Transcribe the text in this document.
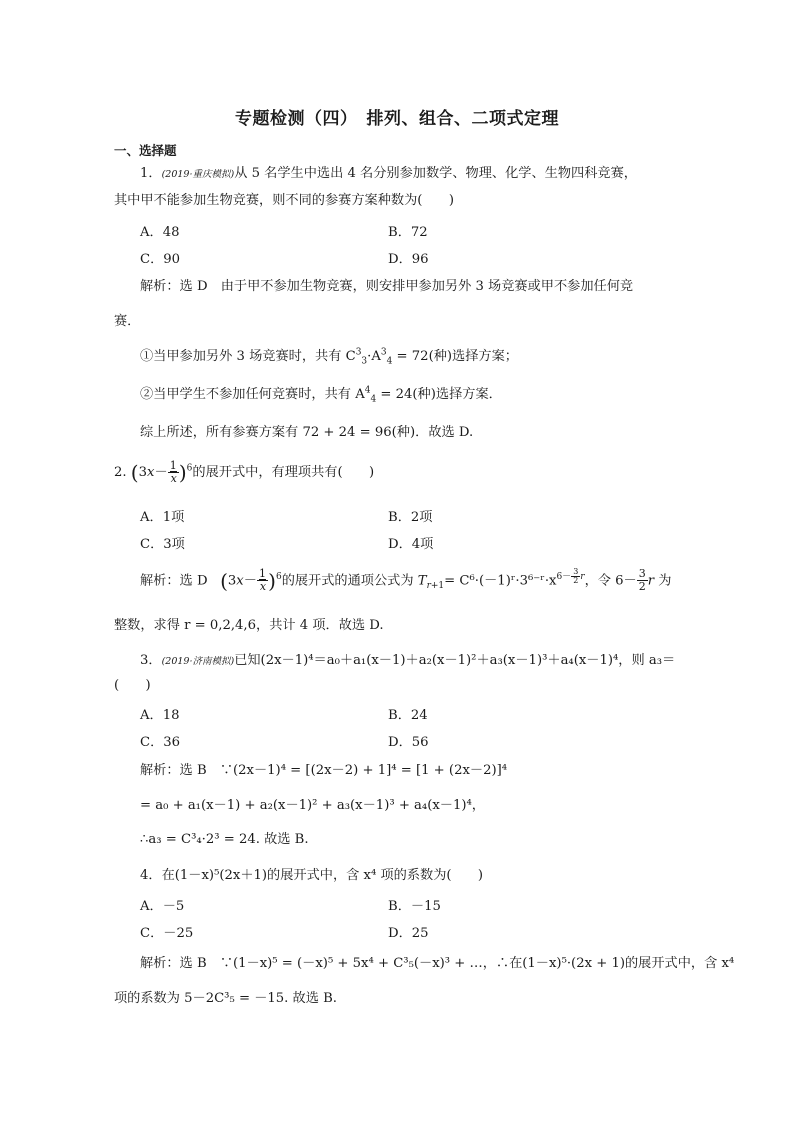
专题检测（四）　排列、组合、二项式定理
一、选择题
1．(2019·重庆模拟)从 5 名学生中选出 4 名分别参加数学、物理、化学、生物四科竞赛，
其中甲不能参加生物竞赛，则不同的参赛方案种数为(　　)
A．48	B．72
C．90	D．96
解析：选 D　由于甲不参加生物竞赛，则安排甲参加另外 3 场竞赛或甲不参加任何竞
赛．
①当甲参加另外 3 场竞赛时，共有 $C^3_3\cdot A^3_4 = 72$(种)选择方案；
②当甲学生不参加任何竞赛时，共有 $A^4_4 = 24$(种)选择方案．
综上所述，所有参赛方案有 72 + 24 = 96(种)．故选 D.
2. $(3x- \frac{1}{x} )^6$的展开式中，有理项共有(　　)
A．1项	B．2项
C．3项	D．4项
解析：选 D $(3x- \frac{1}{x} )^6$的展开式的通项公式为 $T_{r+1}=$ $C^6\cdot(-1)ʳ\cdot 3^{6-}ʳ\cdot x^{6- \frac{3}{2} r}$，令 $6- \frac{3}{2}$ r 为
整数，求得 r = 0,2,4,6，共计 4 项．故选 D.
3．(2019·济南模拟)已知(2x－1)⁴＝a₀＋a₁(x－1)＋a₂(x－1)²＋a₃(x－1)³＋a₄(x－1)⁴，则 a₃＝
(　　)
A．18	B．24
C．36	D．56
解析：选 B　∵(2x－1)⁴ = [(2x－2) + 1]⁴ = [1 + (2x－2)]⁴
= a₀ + a₁(x－1) + a₂(x－1)² + a₃(x－1)³ + a₄(x－1)⁴，
∴a₃ = C³₄·2³ = 24. 故选 B.
4．在(1－x)⁵(2x＋1)的展开式中，含 x⁴ 项的系数为(　　)
A．－5	B．－15
C．－25	D．25
解析：选 B　∵(1－x)⁵ = (－x)⁵ + 5x⁴ + C³₅(－x)³ + …，∴在(1－x)⁵·(2x + 1)的展开式中，含 x⁴
项的系数为 5－2C³₅ = －15. 故选 B.
